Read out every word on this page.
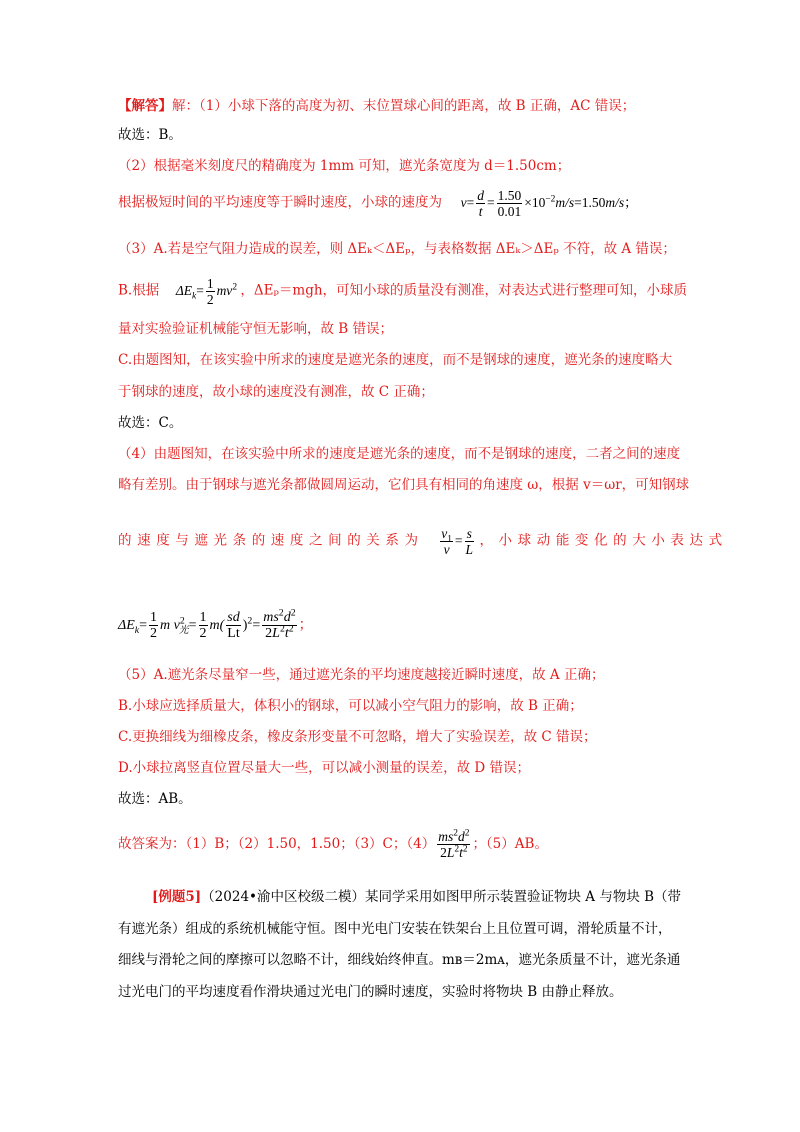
【解答】解：（1）小球下落的高度为初、末位置球心间的距离，故 B 正确，AC 错误；
故选：B。
（2）根据毫米刻度尺的精确度为 1mm 可知，遮光条宽度为 d＝1.50cm；
根据极短时间的平均速度等于瞬时速度，小球的速度为 $v= \frac{d}{t} = \frac{1.50}{0.01} \times 10^{-2}m/s=1.50m/s$；
（3）A.若是空气阻力造成的误差，则 ΔEₖ＜ΔEₚ，与表格数据 ΔEₖ＞ΔEₚ 不符，故 A 错误；
B.根据 $\Delta E_k= \frac{1}{2} mv^2$ ，ΔEₚ＝mgh，可知小球的质量没有测准，对表达式进行整理可知，小球质
量对实验验证机械能守恒无影响，故 B 错误；
C.由题图知，在该实验中所求的速度是遮光条的速度，而不是钢球的速度，遮光条的速度略大
于钢球的速度，故小球的速度没有测准，故 C 正确；
故选：C。
（4）由题图知，在该实验中所求的速度是遮光条的速度，而不是钢球的速度，二者之间的速度
略有差别。由于钢球与遮光条都做圆周运动，它们具有相同的角速度 ω，根据 v＝ωr，可知钢球
的速度与遮光条的速度之间的关系为 $\frac{v_1}{v} = \frac{s}{L}$ ，小球动能变化的大小表达式
$\Delta E_k= \frac{1}{2}$ m $v^2_光= \frac{1}{2} m( \frac{sd}{Lt} )^2= \frac{ms^2d^2}{2L^2t^2}$ ；
（5）A.遮光条尽量窄一些，通过遮光条的平均速度越接近瞬时速度，故 A 正确；
B.小球应选择质量大，体积小的钢球，可以减小空气阻力的影响，故 B 正确；
C.更换细线为细橡皮条，橡皮条形变量不可忽略，增大了实验误差，故 C 错误；
D.小球拉离竖直位置尽量大一些，可以减小测量的误差，故 D 错误；
故选：AB。
故答案为：（1）B；（2）1.50，1.50；（3）C；$(4) \frac{ms^2d^2}{2L^2t^2}$ ；（5）AB。
[例题5]（2024•渝中区校级二模）某同学采用如图甲所示装置验证物块 A 与物块 B（带
有遮光条）组成的系统机械能守恒。图中光电门安装在铁架台上且位置可调，滑轮质量不计，
细线与滑轮之间的摩擦可以忽略不计，细线始终伸直。mʙ＝2mᴀ，遮光条质量不计，遮光条通
过光电门的平均速度看作滑块通过光电门的瞬时速度，实验时将物块 B 由静止释放。
